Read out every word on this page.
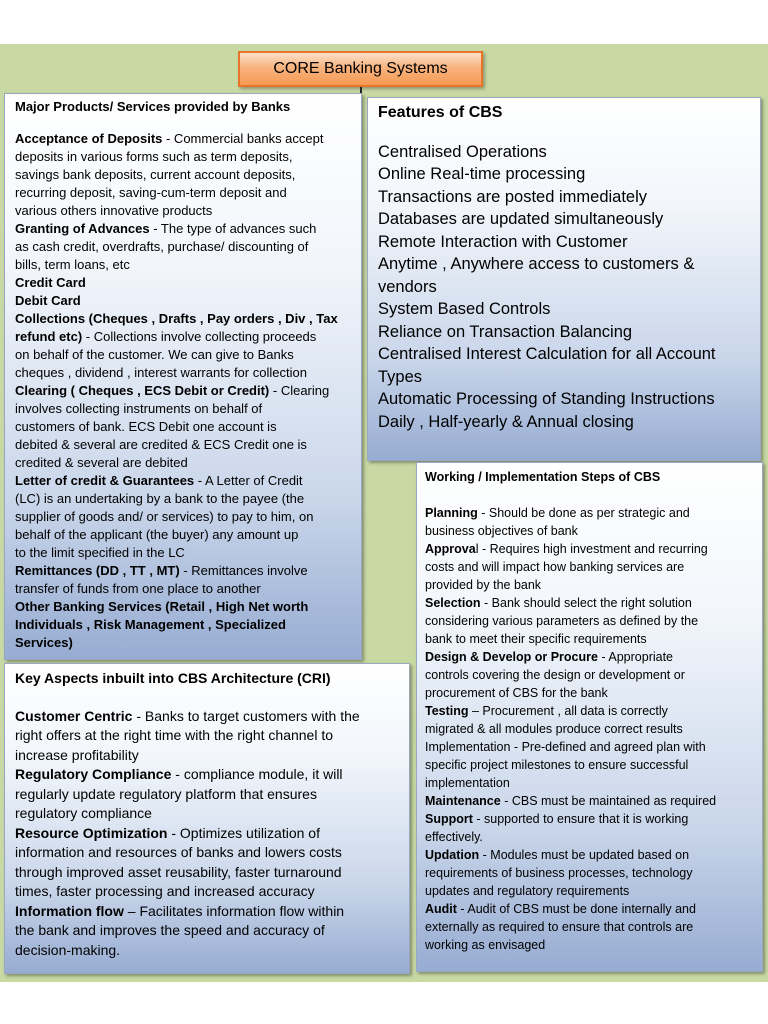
CORE Banking Systems
Major Products/ Services provided by Banks
Acceptance of Deposits - Commercial banks accept
deposits in various forms such as term deposits,
savings bank deposits, current account deposits,
recurring deposit, saving-cum-term deposit and
various others innovative products
Granting of Advances - The type of advances such
as cash credit, overdrafts, purchase/ discounting of
bills, term loans, etc
Credit Card
Debit Card
Collections (Cheques , Drafts , Pay orders , Div , Tax
refund etc) - Collections involve collecting proceeds
on behalf of the customer. We can give to Banks
cheques , dividend , interest warrants for collection
Clearing ( Cheques , ECS Debit or Credit) - Clearing
involves collecting instruments on behalf of
customers of bank. ECS Debit one account is
debited & several are credited & ECS Credit one is
credited & several are debited
Letter of credit & Guarantees - A Letter of Credit
(LC) is an undertaking by a bank to the payee (the
supplier of goods and/ or services) to pay to him, on
behalf of the applicant (the buyer) any amount up
to the limit specified in the LC
Remittances (DD , TT , MT) - Remittances involve
transfer of funds from one place to another
Other Banking Services (Retail , High Net worth
Individuals , Risk Management , Specialized
Services)
Features of CBS
Centralised Operations
Online Real-time processing
Transactions are posted immediately
Databases are updated simultaneously
Remote Interaction with Customer
Anytime , Anywhere access to customers &
vendors
System Based Controls
Reliance on Transaction Balancing
Centralised Interest Calculation for all Account
Types
Automatic Processing of Standing Instructions
Daily , Half-yearly & Annual closing
Working / Implementation Steps of CBS
Planning - Should be done as per strategic and
business objectives of bank
Approval - Requires high investment and recurring
costs and will impact how banking services are
provided by the bank
Selection - Bank should select the right solution
considering various parameters as defined by the
bank to meet their specific requirements
Design & Develop or Procure - Appropriate
controls covering the design or development or
procurement of CBS for the bank
Testing – Procurement , all data is correctly
migrated & all modules produce correct results
Implementation - Pre-defined and agreed plan with
specific project milestones to ensure successful
implementation
Maintenance - CBS must be maintained as required
Support - supported to ensure that it is working
effectively.
Updation - Modules must be updated based on
requirements of business processes, technology
updates and regulatory requirements
Audit - Audit of CBS must be done internally and
externally as required to ensure that controls are
working as envisaged
Key Aspects inbuilt into CBS Architecture (CRI)
Customer Centric - Banks to target customers with the
right offers at the right time with the right channel to
increase profitability
Regulatory Compliance - compliance module, it will
regularly update regulatory platform that ensures
regulatory compliance
Resource Optimization - Optimizes utilization of
information and resources of banks and lowers costs
through improved asset reusability, faster turnaround
times, faster processing and increased accuracy
Information flow – Facilitates information flow within
the bank and improves the speed and accuracy of
decision-making.
